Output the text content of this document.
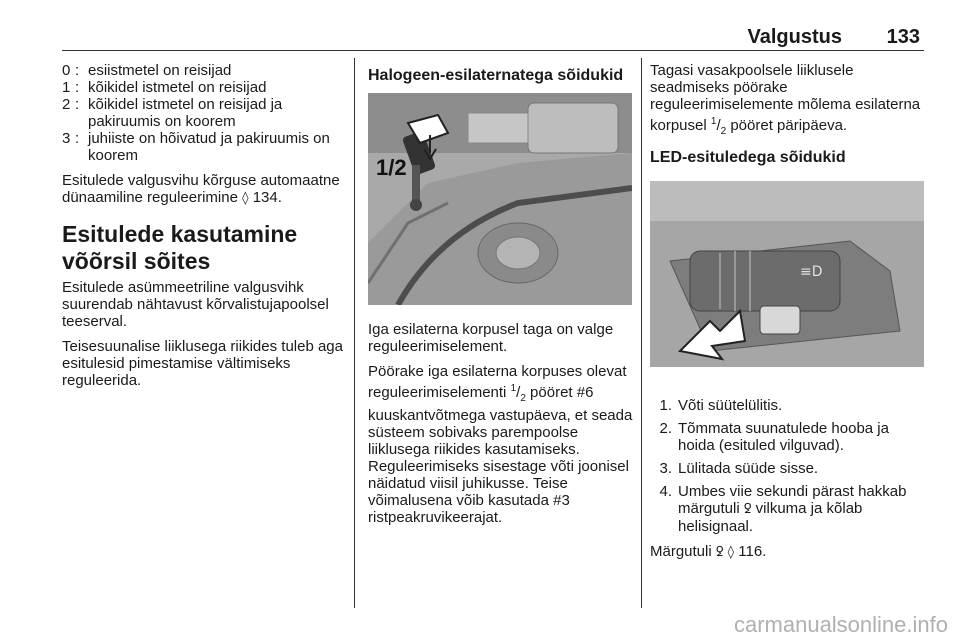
Valgustus 133
0 : esiistmetel on reisijad
1 : kõikidel istmetel on reisijad
2 : kõikidel istmetel on reisijad ja pakiruumis on koorem
3 : juhiiste on hõivatud ja pakiruumis on koorem

Esitulede valgusvihu kõrguse automaatne dünaamiline reguleerimine ◊ 134.

Esitulede kasutamine võõrsil sõites

Esitulede asümmeetriline valgusvihk suurendab nähtavust kõrvalistujapoolsel teeserval.

Teisesuunalise liiklusega riikides tuleb aga esitulesid pimestamise vältimiseks reguleerida.

Halogeen-esilaternatega sõidukid
1/2

Iga esilaterna korpusel taga on valge reguleerimiselement.

Pöörake iga esilaterna korpuses olevat reguleerimiselementi $^1/_2$ pööret #6 kuuskantvõtmega vastupäeva, et seada süsteem sobivaks parempoolse liiklusega riikides kasutamiseks. Reguleerimiseks sisestage võti joonisel näidatud viisil juhikusse. Teise võimalusena võib kasutada #3 ristpeakruvikeerajat.

Tagasi vasakpoolsele liiklusele seadmiseks pöörake reguleerimiselemente mõlema esilaterna korpusel $^1/_2$ pööret päripäeva.

LED-esituledega sõidukid
≡D
1. Võti süütelülitis.
2. Tõmmata suunatulede hooba ja hoida (esituled vilguvad).
3. Lülitada süüde sisse.
4. Umbes viie sekundi pärast hakkab märgutuli ꝿ vilkuma ja kõlab helisignaal.

Märgutuli ꝿ ◊ 116.

carmanualsonline.info
